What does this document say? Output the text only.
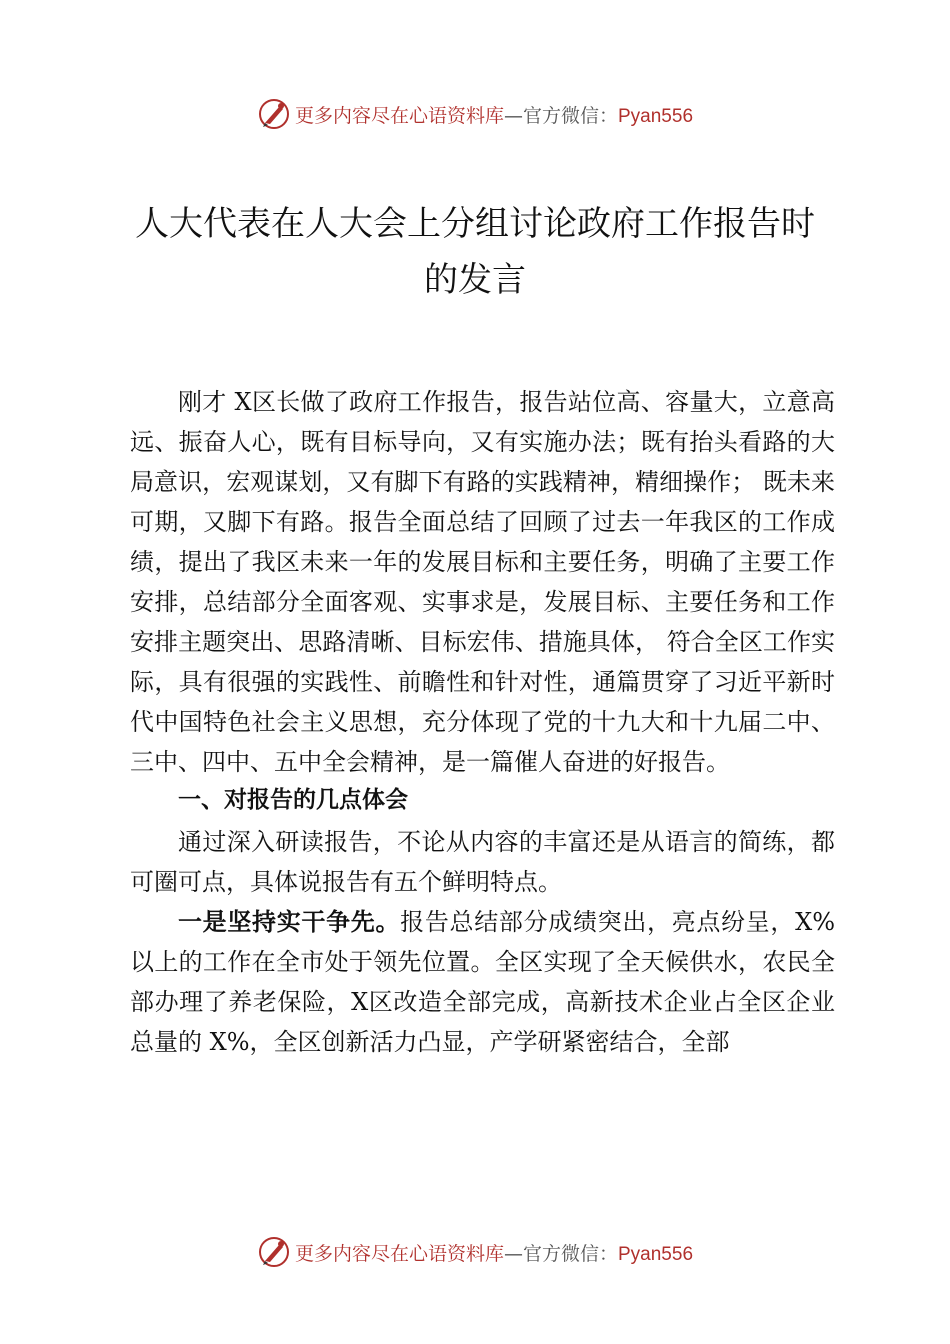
更多内容尽在心语资料库—官方微信：Pyan556
人大代表在人大会上分组讨论政府工作报告时
的发言

刚才 X区长做了政府工作报告，报告站位高、容量大，立意高远、振奋人心，既有目标导向，又有实施办法；既有抬头看路的大局意识，宏观谋划，又有脚下有路的实践精神，精细操作； 既未来可期，又脚下有路。报告全面总结了回顾了过去一年我区的工作成绩，提出了我区未来一年的发展目标和主要任务，明确了主要工作安排，总结部分全面客观、实事求是，发展目标、主要任务和工作安排主题突出、思路清晰、目标宏伟、措施具体， 符合全区工作实际，具有很强的实践性、前瞻性和针对性，通篇贯穿了习近平新时代中国特色社会主义思想，充分体现了党的十九大和十九届二中、三中、四中、五中全会精神，是一篇催人奋进的好报告。

一、对报告的几点体会

通过深入研读报告，不论从内容的丰富还是从语言的简练，都可圈可点，具体说报告有五个鲜明特点。

一是坚持实干争先。报告总结部分成绩突出，亮点纷呈，X%以上的工作在全市处于领先位置。全区实现了全天候供水，农民全部办理了养老保险，X区改造全部完成，高新技术企业占全区企业总量的 X%，全区创新活力凸显，产学研紧密结合，全部

更多内容尽在心语资料库—官方微信：Pyan556
